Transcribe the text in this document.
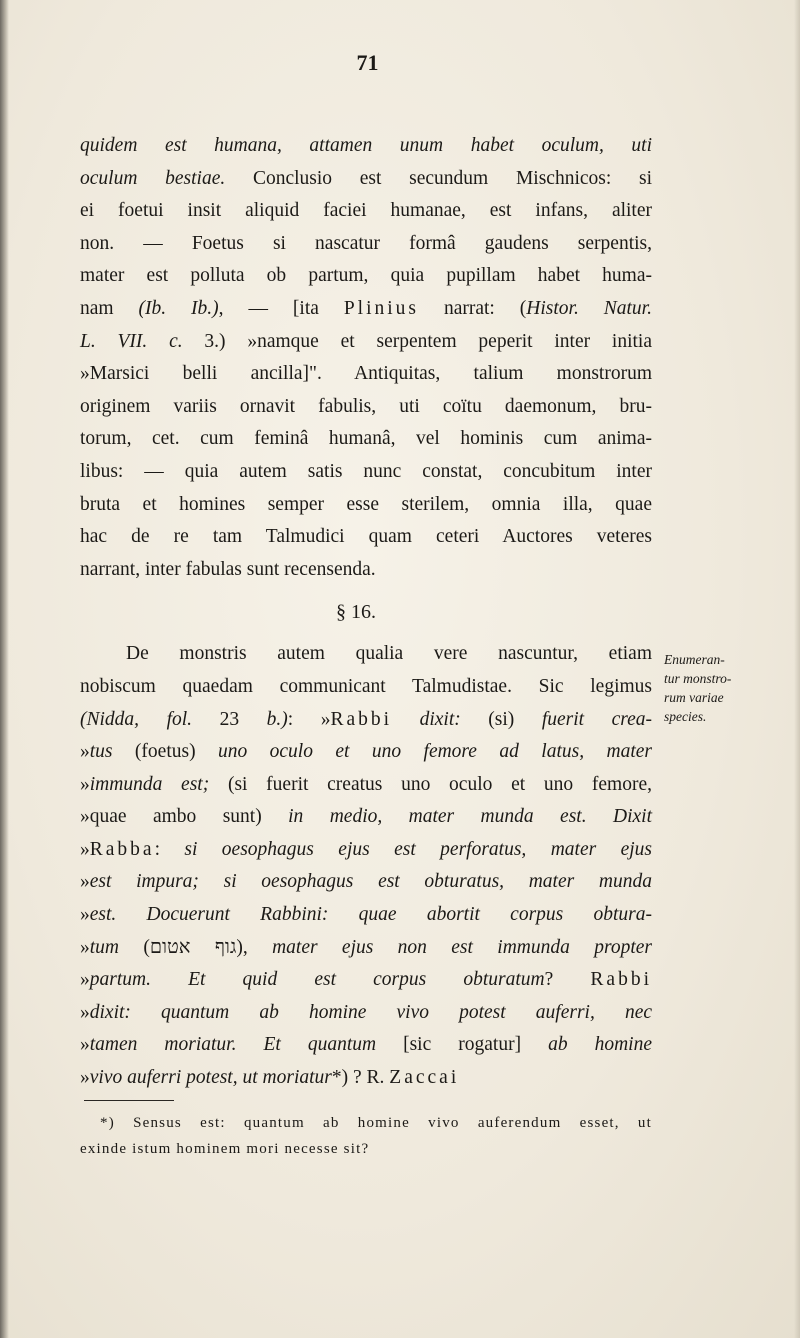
71
quidem est humana, attamen unum habet oculum, uti
oculum bestiae. Conclusio est secundum Mischnicos: si
ei foetui insit aliquid faciei humanae, est infans, aliter
non. — Foetus si nascatur formâ gaudens serpentis,
mater est polluta ob partum, quia pupillam habet huma-
nam (Ib. Ib.), — [ita Plinius narrat: (Histor. Natur.
L. VII. c. 3.) »namque et serpentem peperit inter initia
»Marsici belli ancilla]". Antiquitas, talium monstrorum
originem variis ornavit fabulis, uti coïtu daemonum, bru-
torum, cet. cum feminâ humanâ, vel hominis cum anima-
libus: — quia autem satis nunc constat, concubitum inter
bruta et homines semper esse sterilem, omnia illa, quae
hac de re tam Talmudici quam ceteri Auctores veteres
narrant, inter fabulas sunt recensenda.
§ 16.
De monstris autem qualia vere nascuntur, etiam
nobiscum quaedam communicant Talmudistae. Sic legimus
(Nidda, fol. 23 b.): »Rabbi dixit: (si) fuerit crea-
»tus (foetus) uno oculo et uno femore ad latus, mater
»immunda est; (si fuerit creatus uno oculo et uno femore,
»quae ambo sunt) in medio, mater munda est. Dixit
»Rabba: si oesophagus ejus est perforatus, mater ejus
»est impura; si oesophagus est obturatus, mater munda
»est. Docuerunt Rabbini: quae abortit corpus obtura-
»tum (גוף אטום), mater ejus non est immunda propter
»partum. Et quid est corpus obturatum? Rabbi
»dixit: quantum ab homine vivo potest auferri, nec
»tamen moriatur. Et quantum [sic rogatur] ab homine
»vivo auferri potest, ut moriatur*) ? R. Zaccai
Enumeran-
tur monstro-
rum variae
species.
*) Sensus est: quantum ab homine vivo auferendum esset, ut
exinde istum hominem mori necesse sit?
